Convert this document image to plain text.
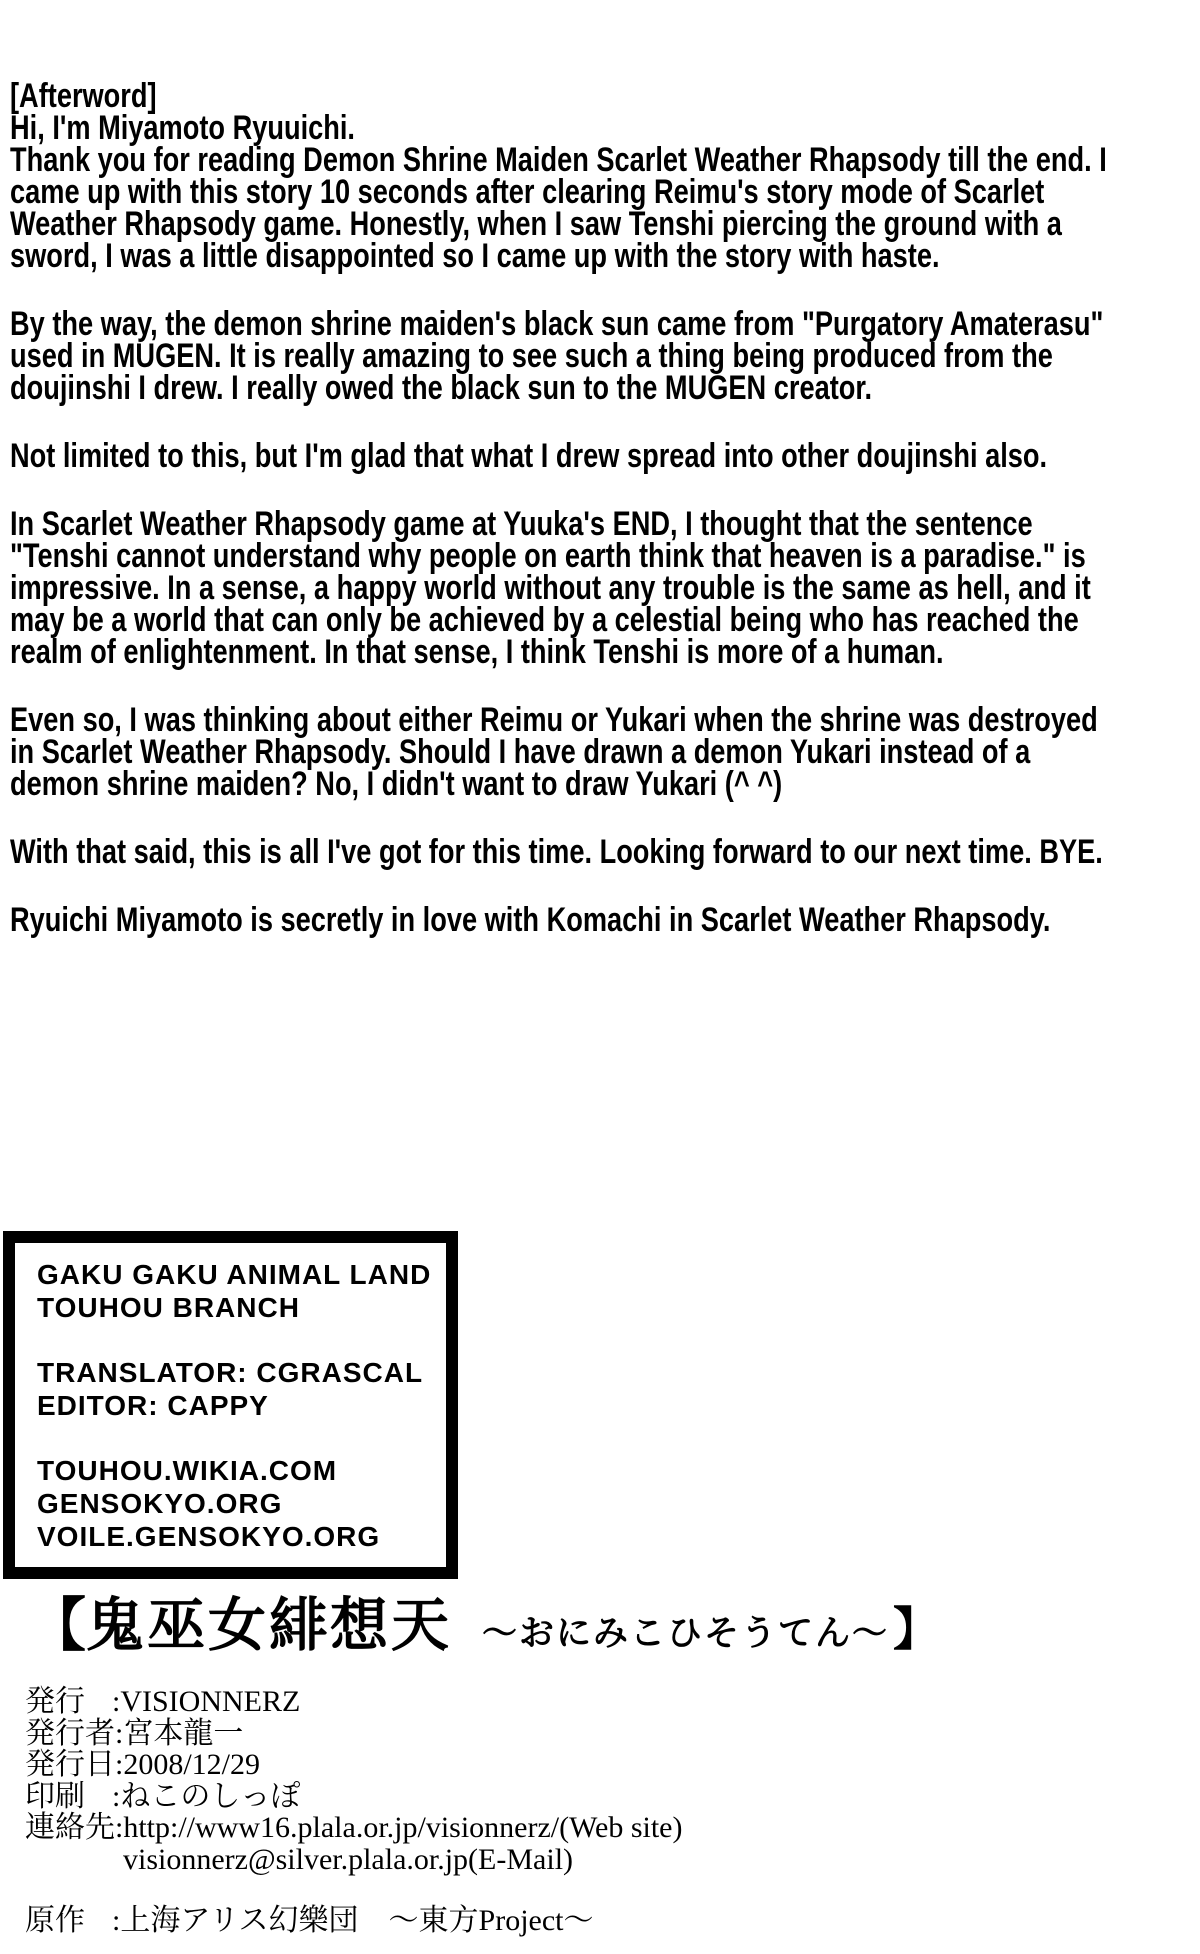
[Afterword]
Hi, I'm Miyamoto Ryuuichi.
Thank you for reading Demon Shrine Maiden Scarlet Weather Rhapsody till the end. I
came up with this story 10 seconds after clearing Reimu's story mode of Scarlet
Weather Rhapsody game. Honestly, when I saw Tenshi piercing the ground with a
sword, I was a little disappointed so I came up with the story with haste.
By the way, the demon shrine maiden's black sun came from "Purgatory Amaterasu"
used in MUGEN. It is really amazing to see such a thing being produced from the
doujinshi I drew. I really owed the black sun to the MUGEN creator.
Not limited to this, but I'm glad that what I drew spread into other doujinshi also.
In Scarlet Weather Rhapsody game at Yuuka's END, I thought that the sentence
"Tenshi cannot understand why people on earth think that heaven is a paradise." is
impressive. In a sense, a happy world without any trouble is the same as hell, and it
may be a world that can only be achieved by a celestial being who has reached the
realm of enlightenment. In that sense, I think Tenshi is more of a human.
Even so, I was thinking about either Reimu or Yukari when the shrine was destroyed
in Scarlet Weather Rhapsody. Should I have drawn a demon Yukari instead of a
demon shrine maiden? No, I didn't want to draw Yukari (^ ^)
With that said, this is all I've got for this time. Looking forward to our next time. BYE.
Ryuichi Miyamoto is secretly in love with Komachi in Scarlet Weather Rhapsody.
GAKU GAKU ANIMAL LAND
TOUHOU BRANCH
TRANSLATOR: CGRASCAL
EDITOR: CAPPY
TOUHOU.WIKIA.COM
GENSOKYO.ORG
VOILE.GENSOKYO.ORG
【 鬼巫女緋想天 ～おにみこひそうてん～ 】
発行 :VISIONNERZ
発行者:宮本龍一
発行日:2008/12/29
印刷 :ねこのしっぽ
連絡先:http://www16.plala.or.jp/visionnerz/(Web site)
visionnerz@silver.plala.or.jp(E-Mail)
原作 :上海アリス幻樂団　～東方Project～
